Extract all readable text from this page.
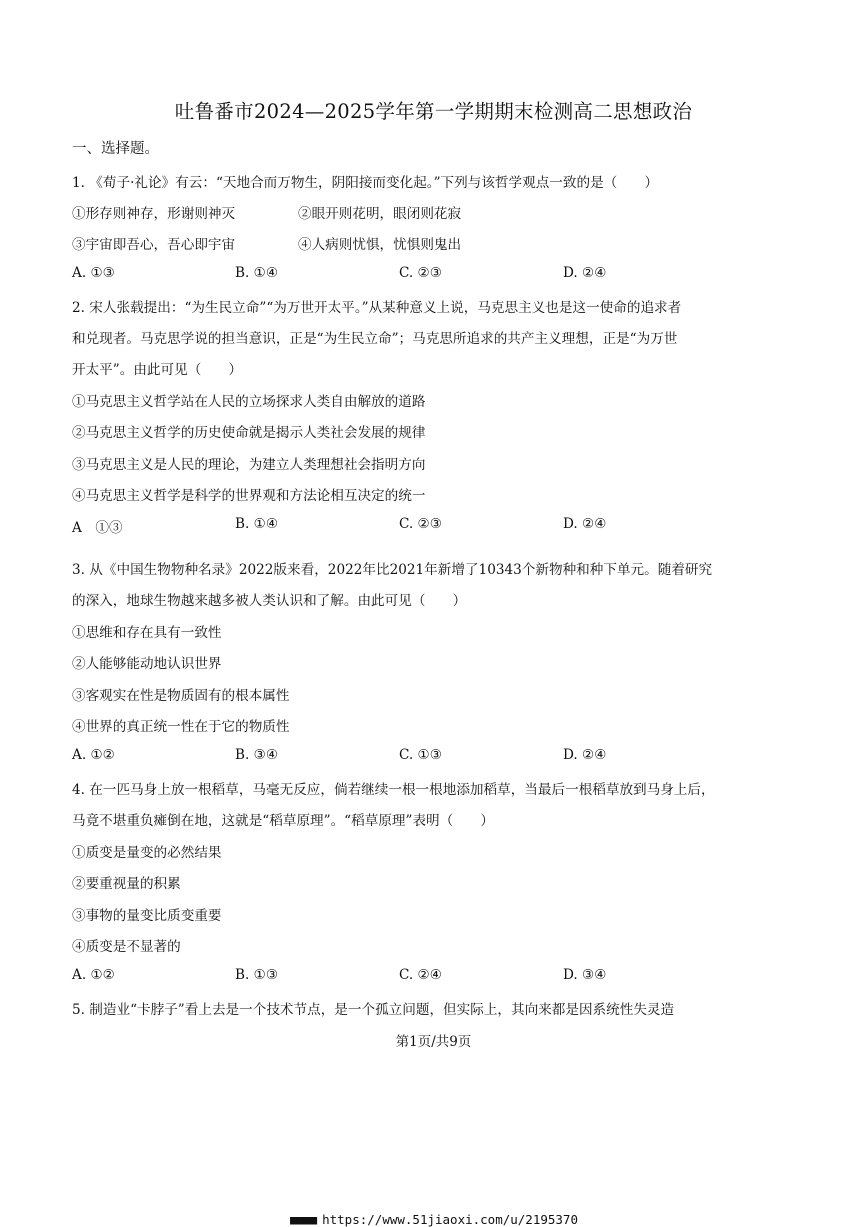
吐鲁番市2024—2025学年第一学期期末检测高二思想政治
一、选择题。
1. 《荀子·礼论》有云：“天地合而万物生，阴阳接而变化起。”下列与该哲学观点一致的是（　　）
①形存则神存，形谢则神灭	②眼开则花明，眼闭则花寂
③宇宙即吾心，吾心即宇宙	④人病则忧惧，忧惧则鬼出
A. ①③	B. ①④	C. ②③	D. ②④
2. 宋人张载提出：“为生民立命”“为万世开太平。”从某种意义上说，马克思主义也是这一使命的追求者
和兑现者。马克思学说的担当意识，正是“为生民立命”；马克思所追求的共产主义理想，正是“为万世
开太平”。由此可见（　　）
①马克思主义哲学站在人民的立场探求人类自由解放的道路
②马克思主义哲学的历史使命就是揭示人类社会发展的规律
③马克思主义是人民的理论，为建立人类理想社会指明方向
④马克思主义哲学是科学的世界观和方法论相互决定的统一
A　①③	B. ①④	C. ②③	D. ②④
3. 从《中国生物物种名录》2022版来看，2022年比2021年新增了10343个新物种和种下单元。随着研究
的深入，地球生物越来越多被人类认识和了解。由此可见（　　）
①思维和存在具有一致性
②人能够能动地认识世界
③客观实在性是物质固有的根本属性
④世界的真正统一性在于它的物质性
A. ①②	B. ③④	C. ①③	D. ②④
4. 在一匹马身上放一根稻草，马毫无反应，倘若继续一根一根地添加稻草，当最后一根稻草放到马身上后，
马竟不堪重负瘫倒在地，这就是“稻草原理”。“稻草原理”表明（　　）
①质变是量变的必然结果
②要重视量的积累
③事物的量变比质变重要
④质变是不显著的
A. ①②	B. ①③	C. ②④	D. ③④
5. 制造业“卡脖子”看上去是一个技术节点，是一个孤立问题，但实际上，其向来都是因系统性失灵造
第1页/共9页
■■■■ https://www.51jiaoxi.com/u/2195370
